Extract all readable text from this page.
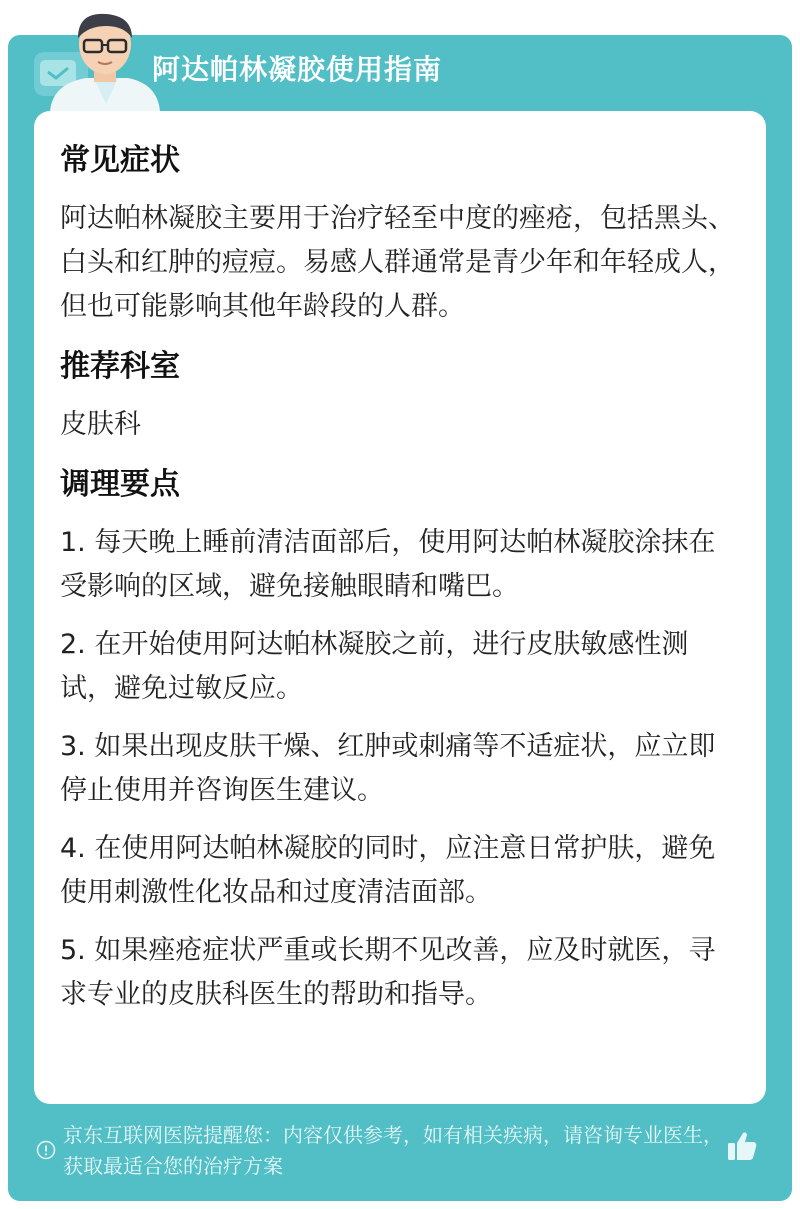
阿达帕林凝胶使用指南
常见症状
阿达帕林凝胶主要用于治疗轻至中度的痤疮，包括黑头、白头和红肿的痘痘。易感人群通常是青少年和年轻成人，但也可能影响其他年龄段的人群。
推荐科室
皮肤科
调理要点
1. 每天晚上睡前清洁面部后，使用阿达帕林凝胶涂抹在受影响的区域，避免接触眼睛和嘴巴。
2. 在开始使用阿达帕林凝胶之前，进行皮肤敏感性测试，避免过敏反应。
3. 如果出现皮肤干燥、红肿或刺痛等不适症状，应立即停止使用并咨询医生建议。
4. 在使用阿达帕林凝胶的同时，应注意日常护肤，避免使用刺激性化妆品和过度清洁面部。
5. 如果痤疮症状严重或长期不见改善，应及时就医，寻求专业的皮肤科医生的帮助和指导。
京东互联网医院提醒您：内容仅供参考，如有相关疾病，请咨询专业医生，获取最适合您的治疗方案
